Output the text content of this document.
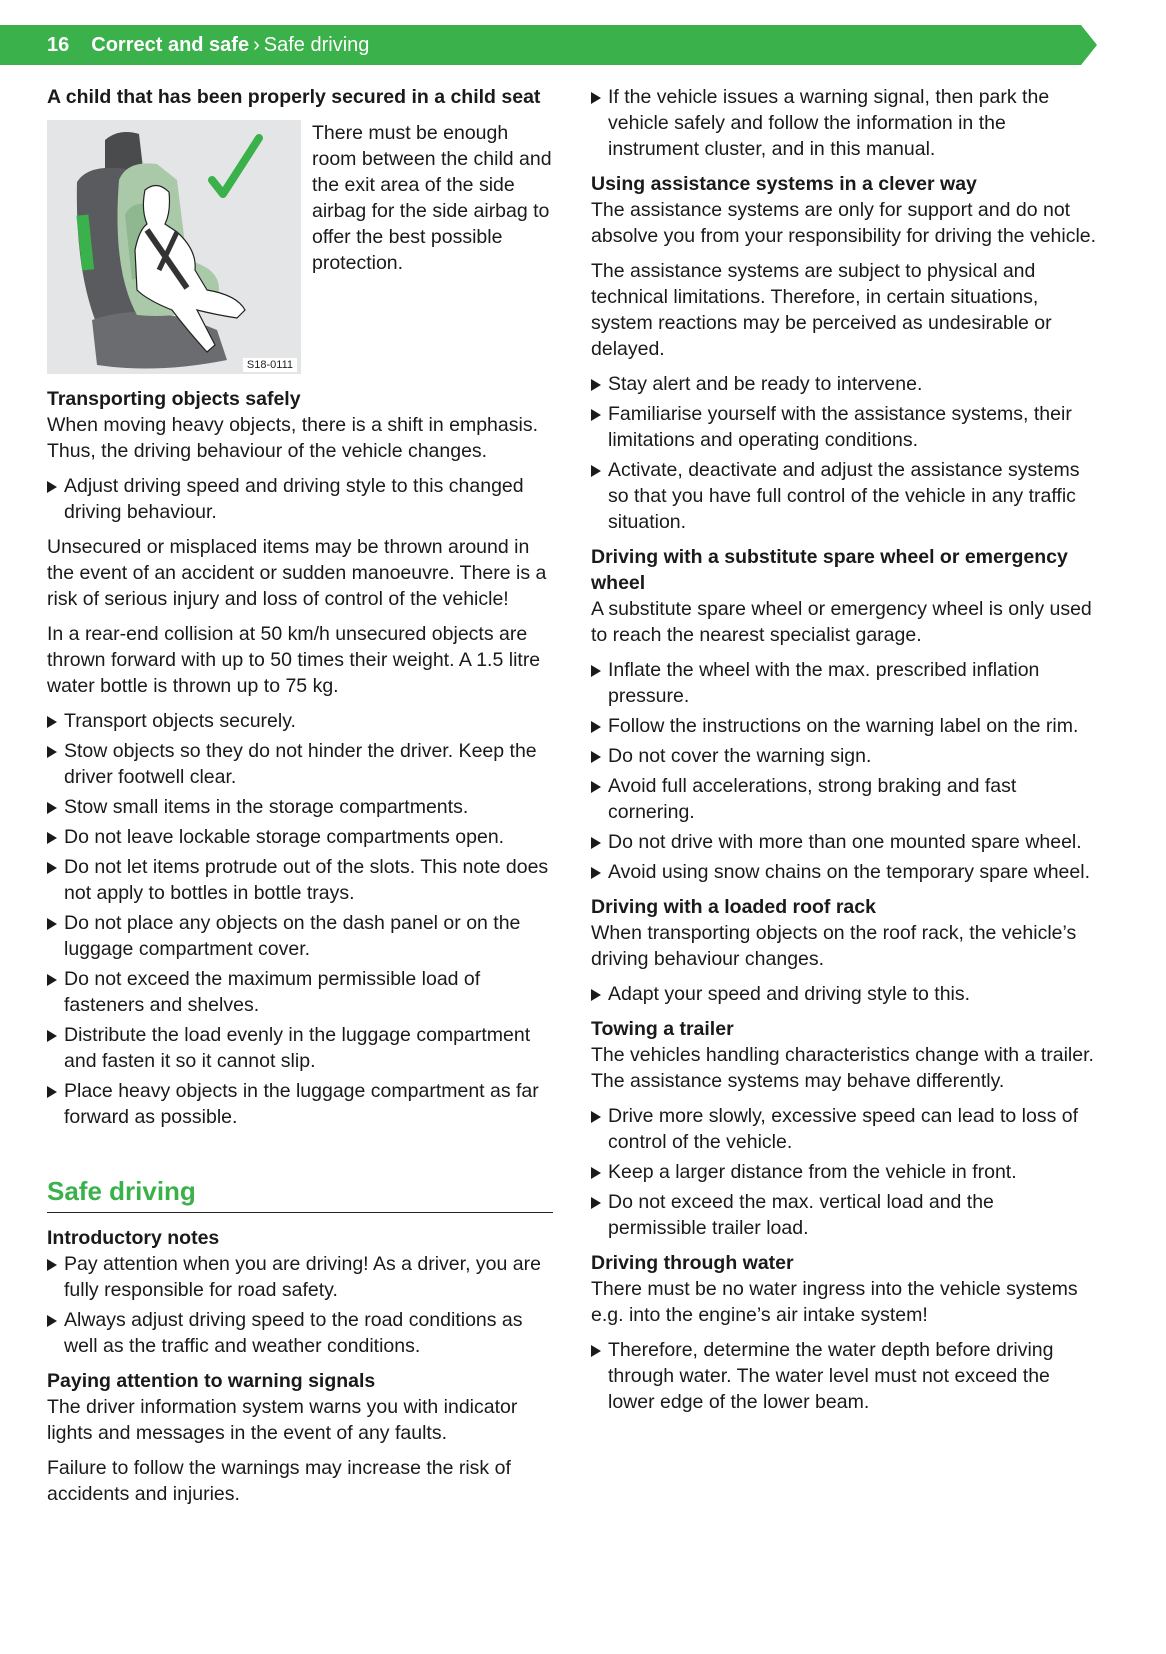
16 Correct and safe › Safe driving
A child that has been properly secured in a child seat
S18-0111

There must be enough room between the child and the exit area of the side airbag for the side airbag to offer the best possible protection.

Transporting objects safely

When moving heavy objects, there is a shift in emphasis. Thus, the driving behaviour of the vehicle changes.

Adjust driving speed and driving style to this changed driving behaviour.

Unsecured or misplaced items may be thrown around in the event of an accident or sudden manoeuvre. There is a risk of serious injury and loss of control of the vehicle!

In a rear-end collision at 50 km/h unsecured objects are thrown forward with up to 50 times their weight. A 1.5 litre water bottle is thrown up to 75 kg.

Transport objects securely.
Stow objects so they do not hinder the driver. Keep the driver footwell clear.
Stow small items in the storage compartments.
Do not leave lockable storage compartments open.
Do not let items protrude out of the slots. This note does not apply to bottles in bottle trays.
Do not place any objects on the dash panel or on the luggage compartment cover.
Do not exceed the maximum permissible load of fasteners and shelves.
Distribute the load evenly in the luggage compartment and fasten it so it cannot slip.
Place heavy objects in the luggage compartment as far forward as possible.
Safe driving
Introductory notes
Pay attention when you are driving! As a driver, you are fully responsible for road safety.
Always adjust driving speed to the road conditions as well as the traffic and weather conditions.
Paying attention to warning signals

The driver information system warns you with indicator lights and messages in the event of any faults.

Failure to follow the warnings may increase the risk of accidents and injuries.

If the vehicle issues a warning signal, then park the vehicle safely and follow the information in the instrument cluster, and in this manual.
Using assistance systems in a clever way

The assistance systems are only for support and do not absolve you from your responsibility for driving the vehicle.

The assistance systems are subject to physical and technical limitations. Therefore, in certain situations, system reactions may be perceived as undesirable or delayed.

Stay alert and be ready to intervene.
Familiarise yourself with the assistance systems, their limitations and operating conditions.
Activate, deactivate and adjust the assistance systems so that you have full control of the vehicle in any traffic situation.
Driving with a substitute spare wheel or emergency wheel

A substitute spare wheel or emergency wheel is only used to reach the nearest specialist garage.

Inflate the wheel with the max. prescribed inflation pressure.
Follow the instructions on the warning label on the rim.
Do not cover the warning sign.
Avoid full accelerations, strong braking and fast cornering.
Do not drive with more than one mounted spare wheel.
Avoid using snow chains on the temporary spare wheel.
Driving with a loaded roof rack

When transporting objects on the roof rack, the vehicle’s driving behaviour changes.

Adapt your speed and driving style to this.
Towing a trailer

The vehicles handling characteristics change with a trailer. The assistance systems may behave differently.

Drive more slowly, excessive speed can lead to loss of control of the vehicle.
Keep a larger distance from the vehicle in front.
Do not exceed the max. vertical load and the permissible trailer load.
Driving through water

There must be no water ingress into the vehicle systems e.g. into the engine’s air intake system!

Therefore, determine the water depth before driving through water. The water level must not exceed the lower edge of the lower beam.
